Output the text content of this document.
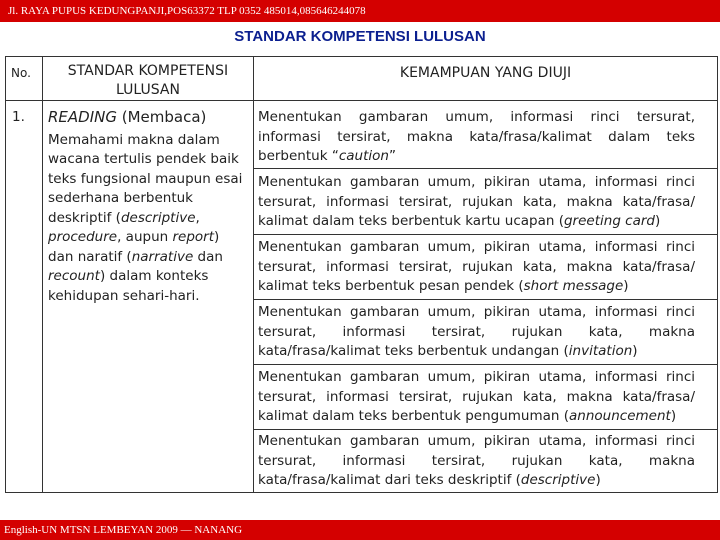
Jl. RAYA PUPUS KEDUNGPANJI,POS63372 TLP 0352 485014,085646244078
STANDAR KOMPETENSI LULUSAN
No.	STANDAR KOMPETENSI LULUSAN
KEMAMPUAN YANG DIUJI
1. READING (Membaca)
Memahami makna dalam wacana tertulis pendek baik teks fungsional maupun esai sederhana berbentuk deskriptif (descriptive, procedure, aupun report) dan naratif (narrative dan recount) dalam konteks kehidupan sehari-hari.
Menentukan gambaran umum, informasi rinci tersurat, informasi tersirat, makna kata/frasa/kalimat dalam teks berbentuk “caution”
Menentukan gambaran umum, pikiran utama, informasi rinci tersurat, informasi tersirat, rujukan kata, makna kata/frasa/ kalimat dalam teks berbentuk kartu ucapan (greeting card)
Menentukan gambaran umum, pikiran utama, informasi rinci tersurat, informasi tersirat, rujukan kata, makna kata/frasa/ kalimat teks berbentuk pesan pendek (short message)
Menentukan gambaran umum, pikiran utama, informasi rinci tersurat, informasi tersirat, rujukan kata, makna kata/frasa/kalimat teks berbentuk undangan (invitation)
Menentukan gambaran umum, pikiran utama, informasi rinci tersurat, informasi tersirat, rujukan kata, makna kata/frasa/ kalimat dalam teks berbentuk pengumuman (announcement)
Menentukan gambaran umum, pikiran utama, informasi rinci tersurat, informasi tersirat, rujukan kata, makna kata/frasa/kalimat dari teks deskriptif (descriptive)
English-UN MTSN LEMBEYAN 2009 — NANANG
